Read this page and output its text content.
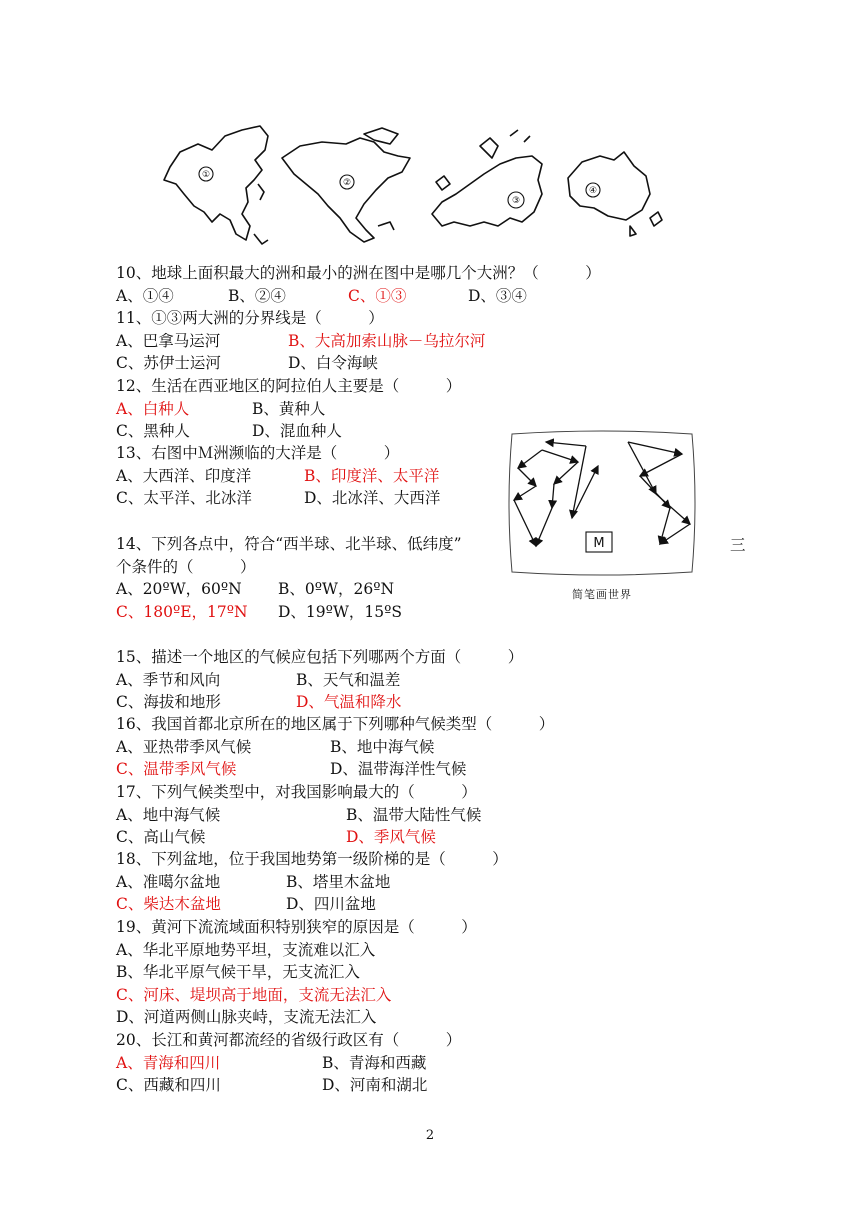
①
②
③
④
10、地球上面积最大的洲和最小的洲在图中是哪几个大洲？（　　　）
A、①④	B、②④	C、①③	D、③④
11、①③两大洲的分界线是（　　　）
A、巴拿马运河	B、大高加索山脉－乌拉尔河
C、苏伊士运河	D、白令海峡
12、生活在西亚地区的阿拉伯人主要是（　　　）
A、白种人	B、黄种人
C、黑种人	D、混血种人
13、右图中Ｍ洲濒临的大洋是（　　　）
A、大西洋、印度洋	B、印度洋、太平洋
C、太平洋、北冰洋	D、北冰洋、大西洋
M
简笔画世界
14、下列各点中，符合“西半球、北半球、低纬度”
个条件的（　　　）
A、20ºW，60ºN B、0ºW，26ºN
C、180ºE，17ºN D、19ºW，15ºS
三
15、描述一个地区的气候应包括下列哪两个方面（　　　）
A、季节和风向	B、天气和温差
C、海拔和地形	D、气温和降水
16、我国首都北京所在的地区属于下列哪种气候类型（　　　）
A、亚热带季风气候	B、地中海气候
C、温带季风气候	D、温带海洋性气候
17、下列气候类型中，对我国影响最大的（　　　）
A、地中海气候	B、温带大陆性气候
C、高山气候	D、季风气候
18、下列盆地，位于我国地势第一级阶梯的是（　　　）
A、准噶尔盆地	B、塔里木盆地
C、柴达木盆地	D、四川盆地
19、黄河下流流域面积特别狭窄的原因是（　　　）
A、华北平原地势平坦，支流难以汇入
B、华北平原气候干旱，无支流汇入
C、河床、堤坝高于地面，支流无法汇入
D、河道两侧山脉夹峙，支流无法汇入
20、长江和黄河都流经的省级行政区有（　　　）
A、青海和四川	B、青海和西藏
C、西藏和四川	D、河南和湖北
2
